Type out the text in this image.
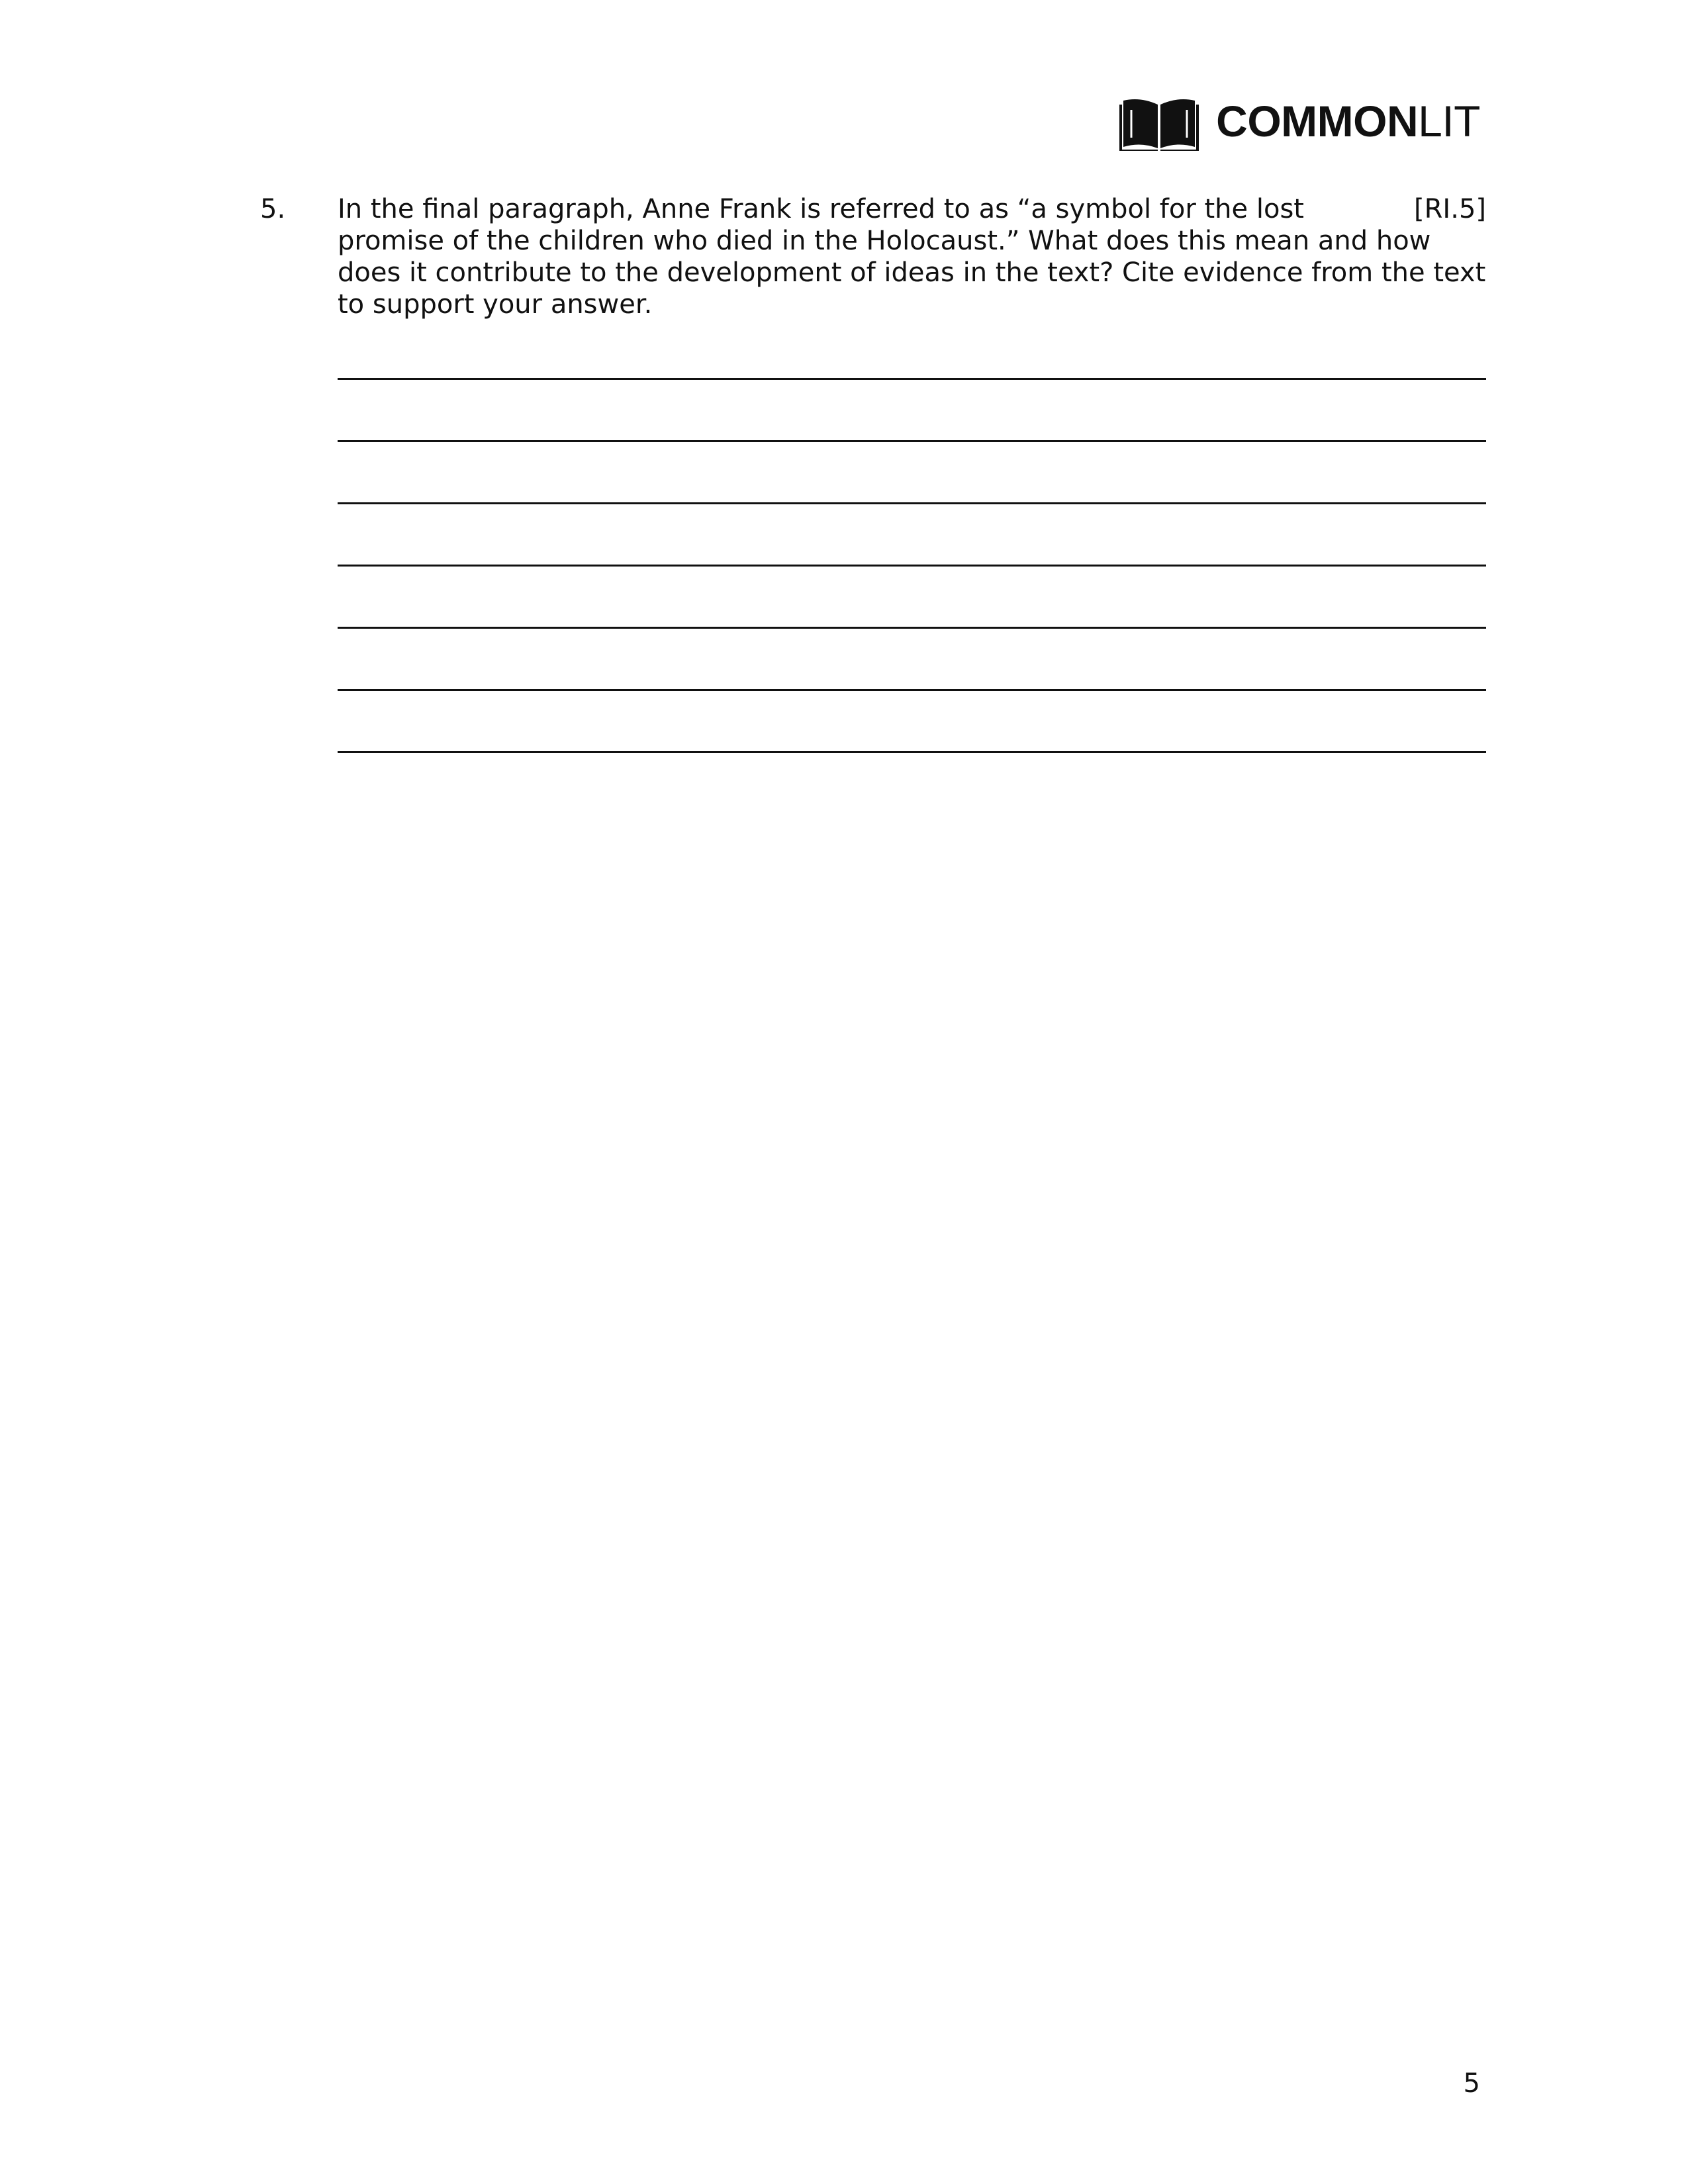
COMMONLIT
5.	[RI.5]

In the final paragraph, Anne Frank is referred to as “a symbol for the lost promise of the children who died in the Holocaust.” What does this mean and how does it contribute to the development of ideas in the text? Cite evidence from the text to support your answer.

5
